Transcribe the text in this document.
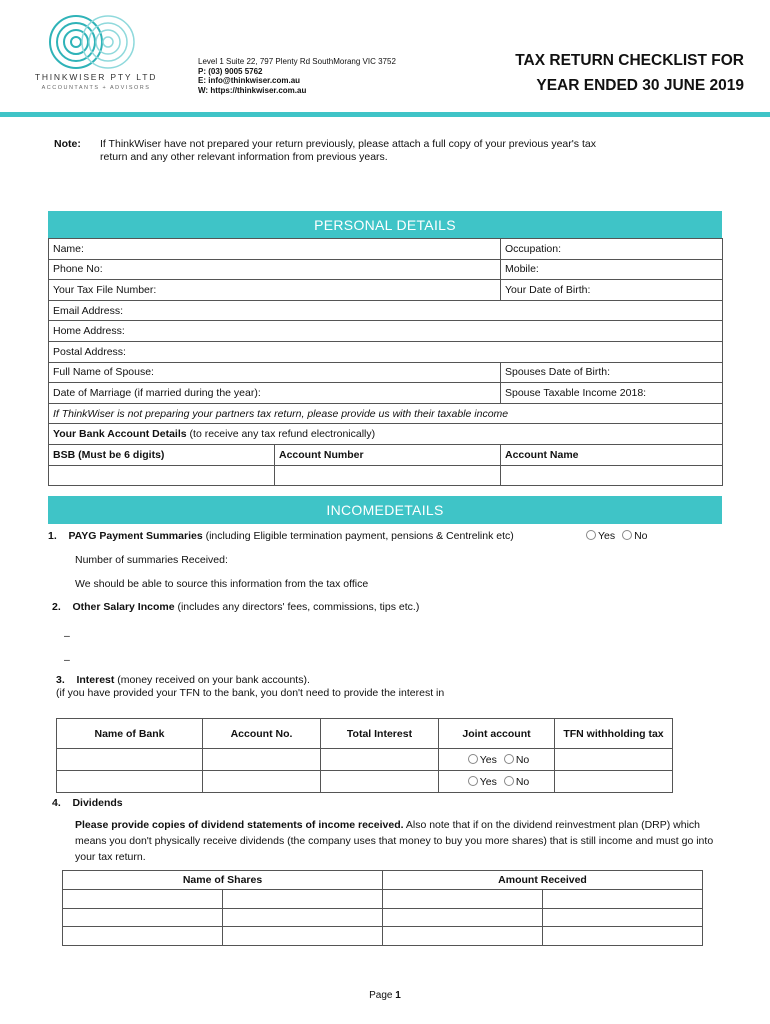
THINKWISER PTY LTD
ACCOUNTANTS + ADVISORS
Level 1 Suite 22, 797 Plenty Rd SouthMorang VIC 3752
P: (03) 9005 5762
E: info@thinkwiser.com.au
W: https://thinkwiser.com.au
TAX RETURN CHECKLIST FOR
YEAR ENDED 30 JUNE 2019
Note: If ThinkWiser have not prepared your return previously, please attach a full copy of your previous year's tax return and any other relevant information from previous years.
PERSONAL DETAILS
Name:		Occupation:
Phone No:		Mobile:
Your Tax File Number:		Your Date of Birth:
Email Address:		
Home Address:		
Postal Address:		
Full Name of Spouse:		Spouses Date of Birth:
Date of Marriage (if married during the year):		Spouse Taxable Income 2018:
If ThinkWiser is not preparing your partners tax return, please provide us with their taxable income		
Your Bank Account Details (to receive any tax refund electronically)		
BSB (Must be 6 digits)	Account Number	Account Name

INCOMEDETAILS
1. PAYG Payment Summaries (including Eligible termination payment, pensions & Centrelink etc)	Yes No
Number of summaries Received:
We should be able to source this information from the tax office
2. Other Salary Income (includes any directors' fees, commissions, tips etc.)
–
–
3. Interest (money received on your bank accounts).
(if you have provided your TFN to the bank, you don't need to provide the interest in
Name of Bank	Account No.	Total Interest	Joint account	TFN withholding tax
			Yes No	
			Yes No	
4. Dividends
Please provide copies of dividend statements of income received. Also note that if on the dividend reinvestment plan (DRP) which means you don't physically receive dividends (the company uses that money to buy you more shares) that is still income and must go into your tax return.
Name of Shares		Amount Received	

Page 1
